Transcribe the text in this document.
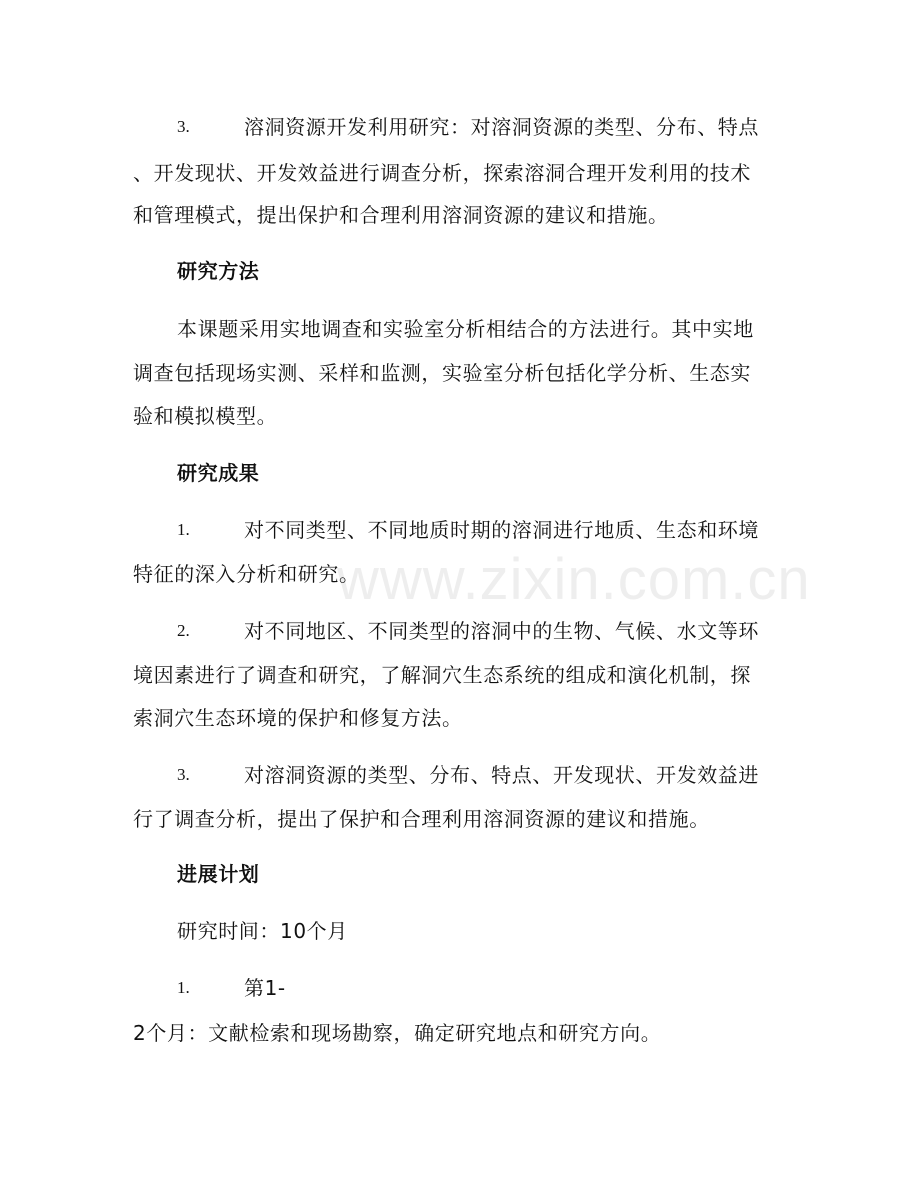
www.zixin.com.cn
3.	溶洞资源开发利用研究：对溶洞资源的类型、分布、特点
、开发现状、开发效益进行调查分析，探索溶洞合理开发利用的技术
和管理模式，提出保护和合理利用溶洞资源的建议和措施。
研究方法
本课题采用实地调查和实验室分析相结合的方法进行。其中实地
调查包括现场实测、采样和监测，实验室分析包括化学分析、生态实
验和模拟模型。
研究成果
1.	对不同类型、不同地质时期的溶洞进行地质、生态和环境
特征的深入分析和研究。
2.	对不同地区、不同类型的溶洞中的生物、气候、水文等环
境因素进行了调查和研究，了解洞穴生态系统的组成和演化机制，探
索洞穴生态环境的保护和修复方法。
3.	对溶洞资源的类型、分布、特点、开发现状、开发效益进
行了调查分析，提出了保护和合理利用溶洞资源的建议和措施。
进展计划
研究时间：10个月
1.	第1-
2个月：文献检索和现场勘察，确定研究地点和研究方向。
